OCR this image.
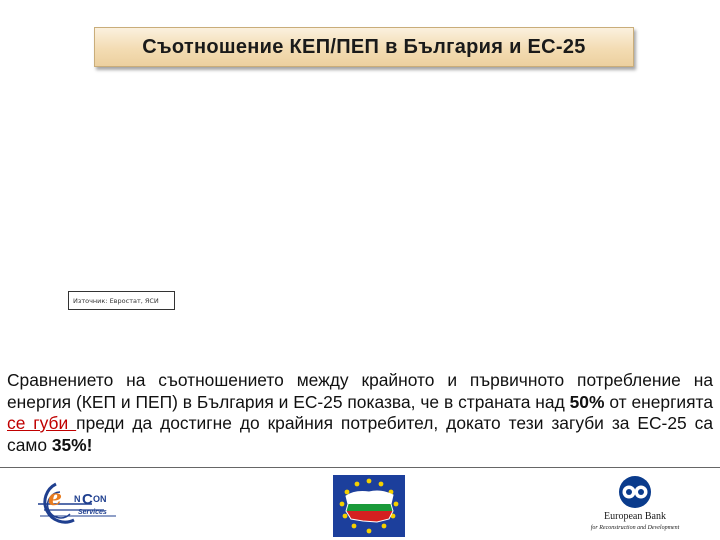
Съотношение КЕП/ПЕП в България и ЕС-25
Източник: Евростат, ЯСИ

Сравнението на съотношението между крайното и първичното потребление на енергия (КЕП и ПЕП) в България и ЕС-25 показва, че в страната над 50% от енергията се губи преди да достигне до крайния потребител, докато тези загуби за ЕС-25 са само 35%!

e N C ON
Services	European Bank
for Reconstruction and Development
